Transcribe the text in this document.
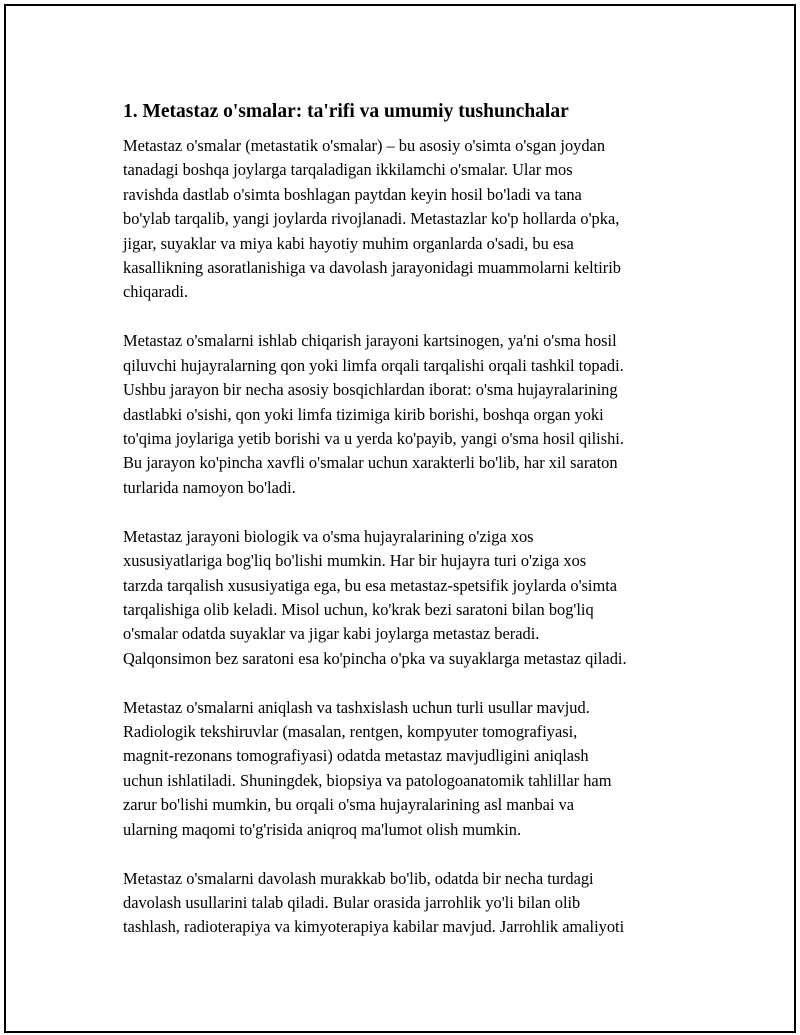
1. Metastaz o'smalar: ta'rifi va umumiy tushunchalar

Metastaz o'smalar (metastatik o'smalar) – bu asosiy o'simta o'sgan joydan
tanadagi boshqa joylarga tarqaladigan ikkilamchi o'smalar. Ular mos
ravishda dastlab o'simta boshlagan paytdan keyin hosil bo'ladi va tana
bo'ylab tarqalib, yangi joylarda rivojlanadi. Metastazlar ko'p hollarda o'pka,
jigar, suyaklar va miya kabi hayotiy muhim organlarda o'sadi, bu esa
kasallikning asoratlanishiga va davolash jarayonidagi muammolarni keltirib
chiqaradi.

Metastaz o'smalarni ishlab chiqarish jarayoni kartsinogen, ya'ni o'sma hosil
qiluvchi hujayralarning qon yoki limfa orqali tarqalishi orqali tashkil topadi.
Ushbu jarayon bir necha asosiy bosqichlardan iborat: o'sma hujayralarining
dastlabki o'sishi, qon yoki limfa tizimiga kirib borishi, boshqa organ yoki
to'qima joylariga yetib borishi va u yerda ko'payib, yangi o'sma hosil qilishi.
Bu jarayon ko'pincha xavfli o'smalar uchun xarakterli bo'lib, har xil saraton
turlarida namoyon bo'ladi.

Metastaz jarayoni biologik va o'sma hujayralarining o'ziga xos
xususiyatlariga bog'liq bo'lishi mumkin. Har bir hujayra turi o'ziga xos
tarzda tarqalish xususiyatiga ega, bu esa metastaz-spetsifik joylarda o'simta
tarqalishiga olib keladi. Misol uchun, ko'krak bezi saratoni bilan bog'liq
o'smalar odatda suyaklar va jigar kabi joylarga metastaz beradi.
Qalqonsimon bez saratoni esa ko'pincha o'pka va suyaklarga metastaz qiladi.

Metastaz o'smalarni aniqlash va tashxislash uchun turli usullar mavjud.
Radiologik tekshiruvlar (masalan, rentgen, kompyuter tomografiyasi,
magnit-rezonans tomografiyasi) odatda metastaz mavjudligini aniqlash
uchun ishlatiladi. Shuningdek, biopsiya va patologoanatomik tahlillar ham
zarur bo'lishi mumkin, bu orqali o'sma hujayralarining asl manbai va
ularning maqomi to'g'risida aniqroq ma'lumot olish mumkin.

Metastaz o'smalarni davolash murakkab bo'lib, odatda bir necha turdagi
davolash usullarini talab qiladi. Bular orasida jarrohlik yo'li bilan olib
tashlash, radioterapiya va kimyoterapiya kabilar mavjud. Jarrohlik amaliyoti
